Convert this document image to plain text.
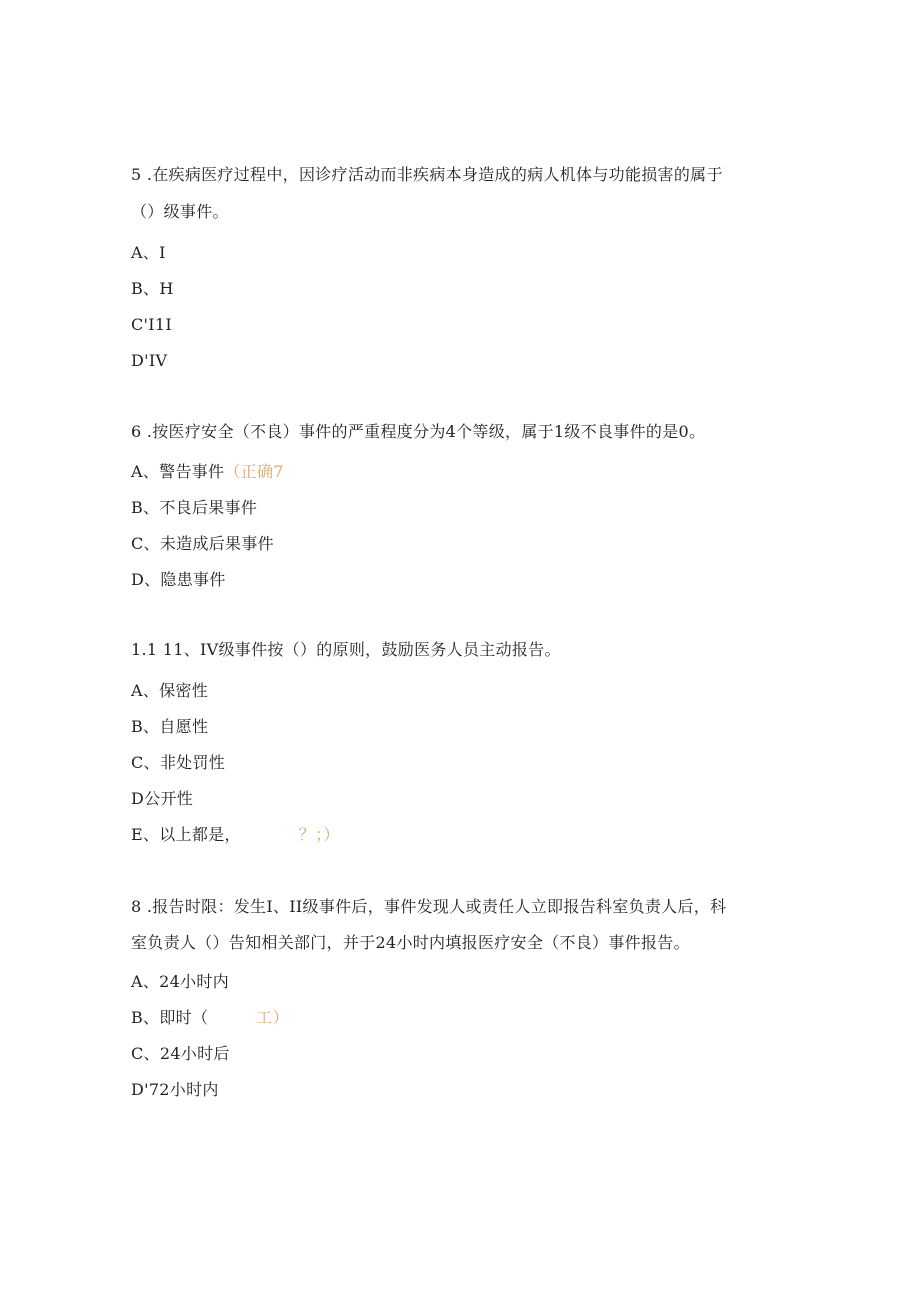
5 .在疾病医疗过程中，因诊疗活动而非疾病本身造成的病人机体与功能损害的属于
（）级事件。
A、I
B、H
C'I1I
D'IV
6 .按医疗安全（不良）事件的严重程度分为4个等级，属于1级不良事件的是0。
A、警告事件（正确7
B、不良后果事件
C、未造成后果事件
D、隐患事件
1.1 11、IV级事件按（）的原则，鼓励医务人员主动报告。
A、保密性
B、自愿性
C、非处罚性
D公开性
E、以上都是，	？；）
8 .报告时限：发生I、II级事件后，事件发现人或责任人立即报告科室负责人后，科
室负责人（）告知相关部门，并于24小时内填报医疗安全（不良）事件报告。
A、24小时内
B、即时（	工）
C、24小时后
D'72小时内
